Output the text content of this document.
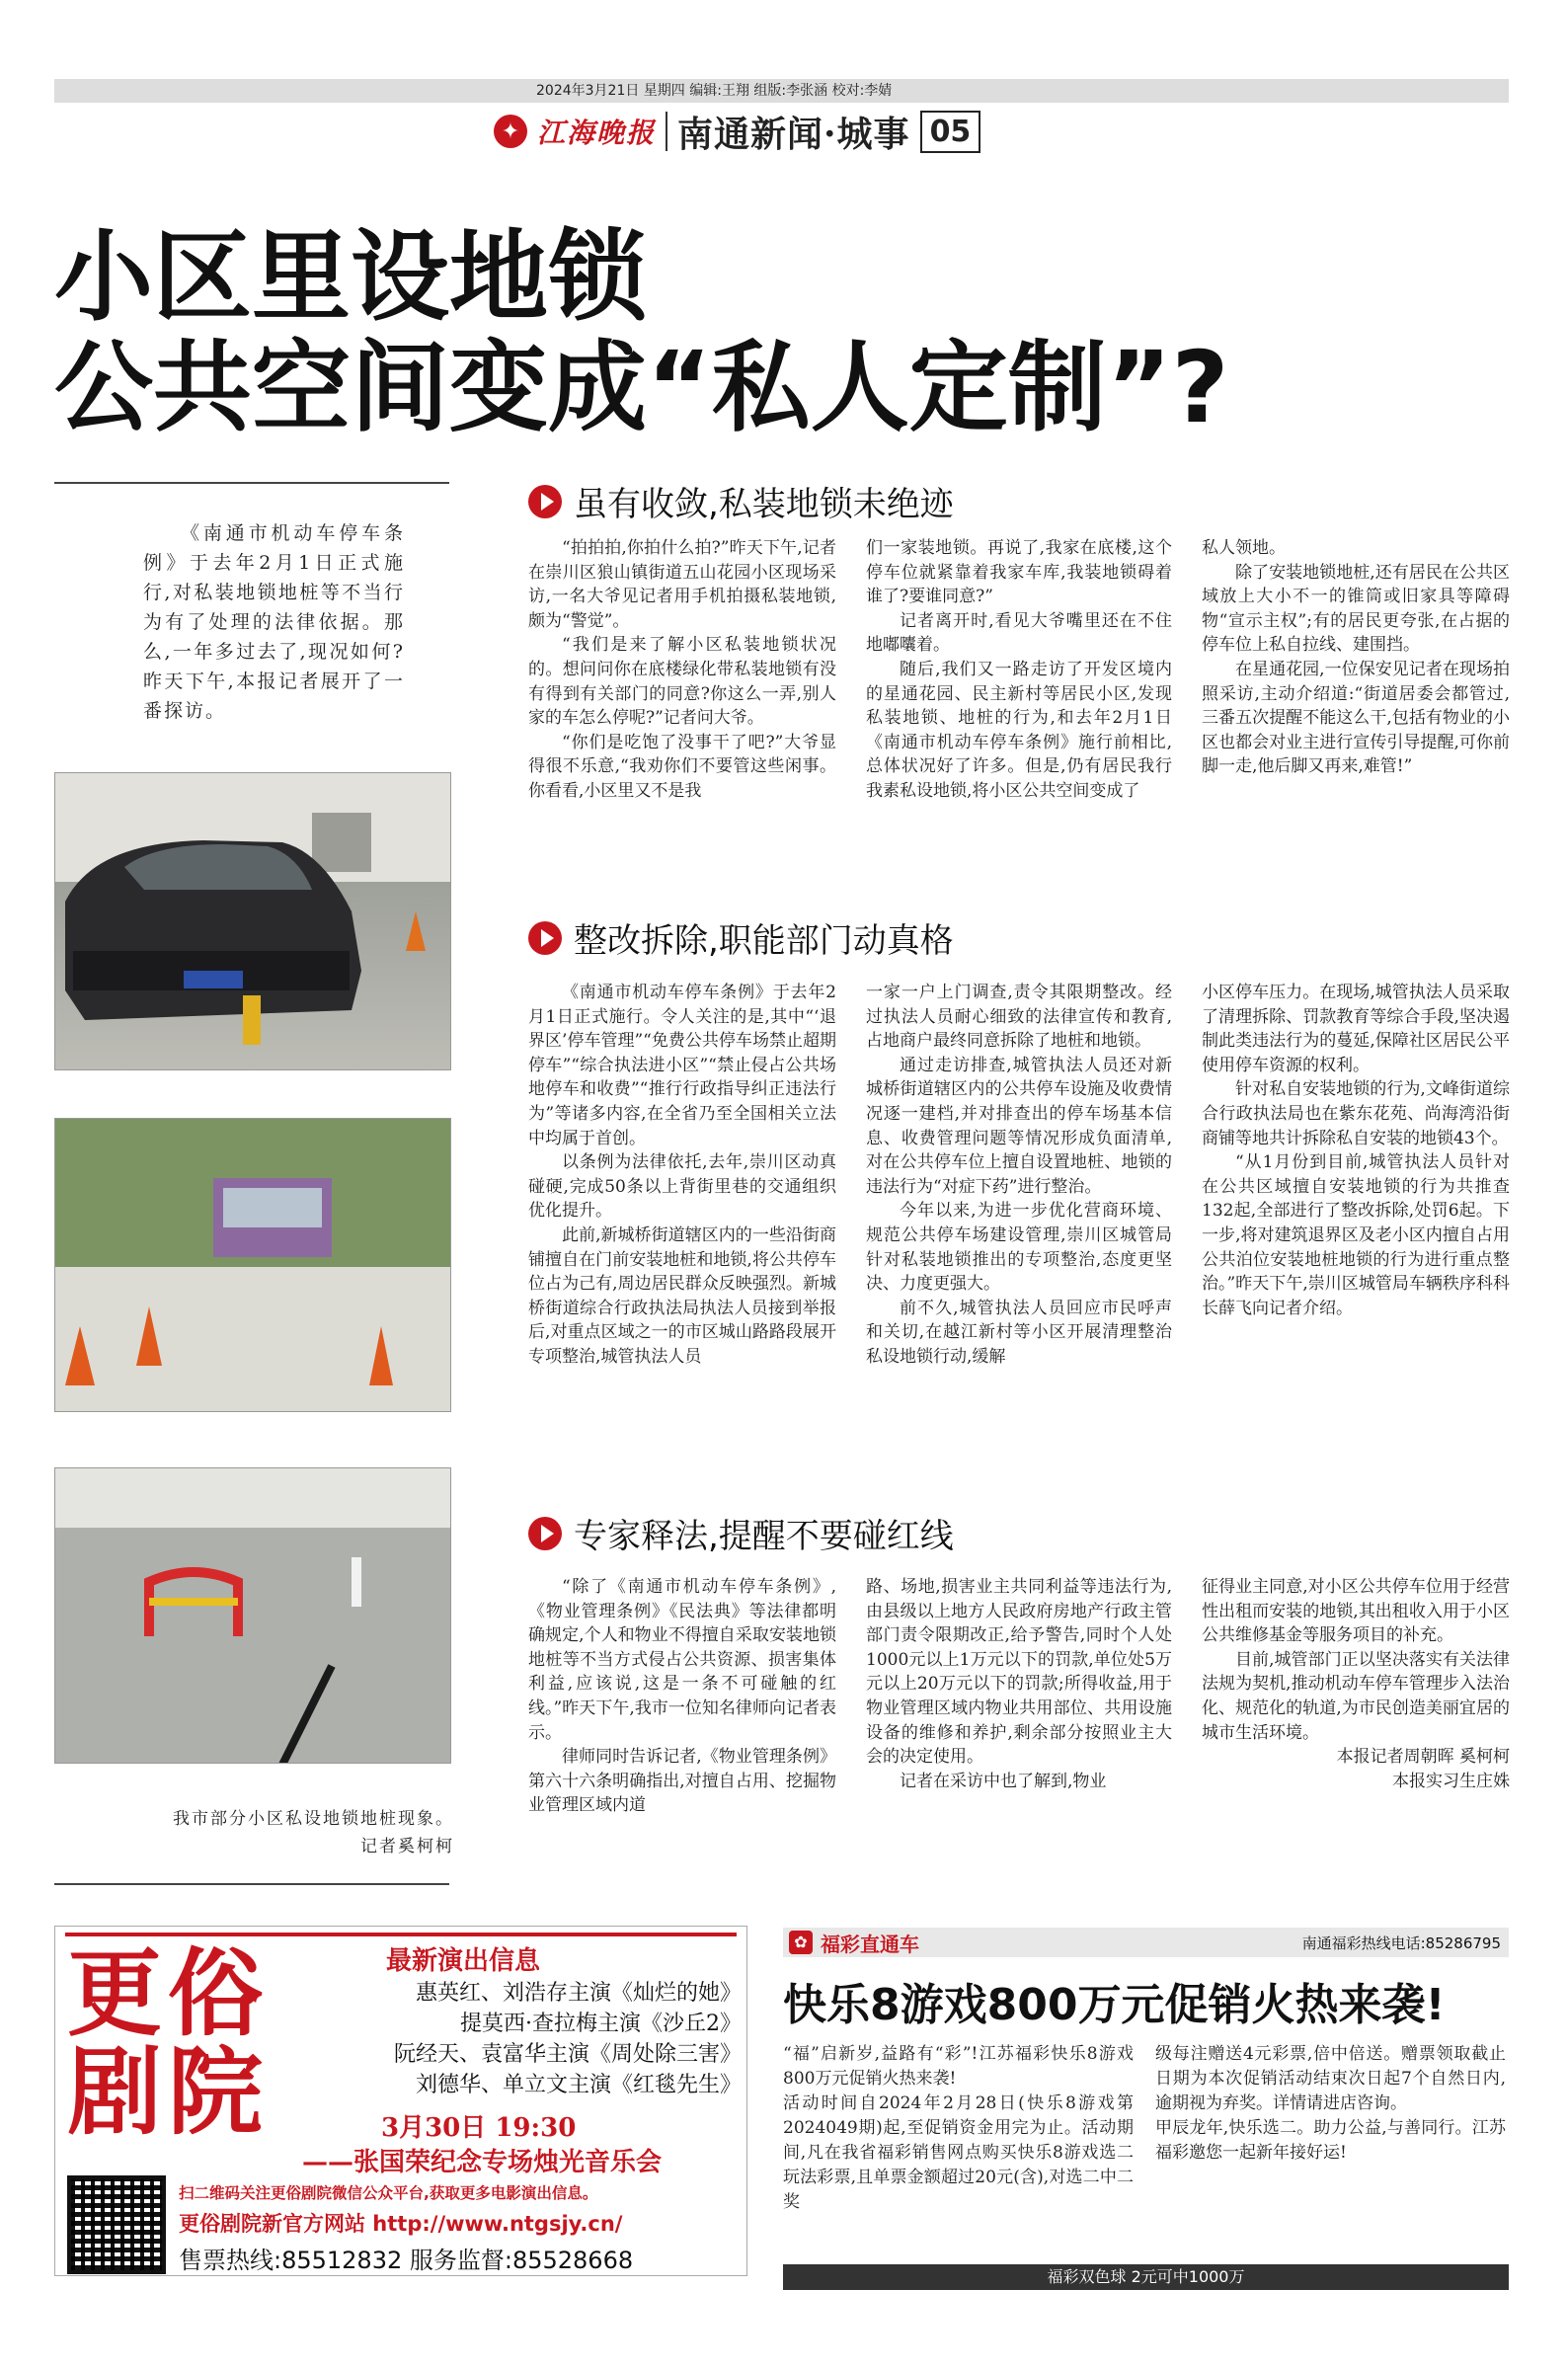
2024年3月21日 星期四 编辑:王翔 组版:李张涵 校对:李婧
✦ 江海晚报 南通新闻·城事 05
小区里设地锁
公共空间变成“私人定制”?
《南通市机动车停车条例》于去年2月1日正式施行,对私装地锁地桩等不当行为有了处理的法律依据。那么,一年多过去了,现况如何?昨天下午,本报记者展开了一番探访。
我市部分小区私设地锁地桩现象。
记者奚柯柯
虽有收敛,私装地锁未绝迹

“拍拍拍,你拍什么拍?”昨天下午,记者在崇川区狼山镇街道五山花园小区现场采访,一名大爷见记者用手机拍摄私装地锁,颇为“警觉”。

“我们是来了解小区私装地锁状况的。想问问你在底楼绿化带私装地锁有没有得到有关部门的同意?你这么一弄,别人家的车怎么停呢?”记者问大爷。

“你们是吃饱了没事干了吧?”大爷显得很不乐意,“我劝你们不要管这些闲事。你看看,小区里又不是我

们一家装地锁。再说了,我家在底楼,这个停车位就紧靠着我家车库,我装地锁碍着谁了?要谁同意?”

记者离开时,看见大爷嘴里还在不住地嘟囔着。

随后,我们又一路走访了开发区境内的星通花园、民主新村等居民小区,发现私装地锁、地桩的行为,和去年2月1日《南通市机动车停车条例》施行前相比,总体状况好了许多。但是,仍有居民我行我素私设地锁,将小区公共空间变成了

私人领地。

除了安装地锁地桩,还有居民在公共区域放上大小不一的锥筒或旧家具等障碍物“宣示主权”;有的居民更夸张,在占据的停车位上私自拉线、建围挡。

在星通花园,一位保安见记者在现场拍照采访,主动介绍道:“街道居委会都管过,三番五次提醒不能这么干,包括有物业的小区也都会对业主进行宣传引导提醒,可你前脚一走,他后脚又再来,难管!”

整改拆除,职能部门动真格

《南通市机动车停车条例》于去年2月1日正式施行。令人关注的是,其中“‘退界区’停车管理”“免费公共停车场禁止超期停车”“综合执法进小区”“禁止侵占公共场地停车和收费”“推行行政指导纠正违法行为”等诸多内容,在全省乃至全国相关立法中均属于首创。

以条例为法律依托,去年,崇川区动真碰硬,完成50条以上背街里巷的交通组织优化提升。

此前,新城桥街道辖区内的一些沿街商铺擅自在门前安装地桩和地锁,将公共停车位占为己有,周边居民群众反映强烈。新城桥街道综合行政执法局执法人员接到举报后,对重点区域之一的市区城山路路段展开专项整治,城管执法人员

一家一户上门调查,责令其限期整改。经过执法人员耐心细致的法律宣传和教育,占地商户最终同意拆除了地桩和地锁。

通过走访排查,城管执法人员还对新城桥街道辖区内的公共停车设施及收费情况逐一建档,并对排查出的停车场基本信息、收费管理问题等情况形成负面清单,对在公共停车位上擅自设置地桩、地锁的违法行为“对症下药”进行整治。

今年以来,为进一步优化营商环境、规范公共停车场建设管理,崇川区城管局针对私装地锁推出的专项整治,态度更坚决、力度更强大。

前不久,城管执法人员回应市民呼声和关切,在越江新村等小区开展清理整治私设地锁行动,缓解

小区停车压力。在现场,城管执法人员采取了清理拆除、罚款教育等综合手段,坚决遏制此类违法行为的蔓延,保障社区居民公平使用停车资源的权利。

针对私自安装地锁的行为,文峰街道综合行政执法局也在紫东花苑、尚海湾沿街商铺等地共计拆除私自安装的地锁43个。

“从1月份到目前,城管执法人员针对在公共区域擅自安装地锁的行为共推查132起,全部进行了整改拆除,处罚6起。下一步,将对建筑退界区及老小区内擅自占用公共泊位安装地桩地锁的行为进行重点整治。”昨天下午,崇川区城管局车辆秩序科科长薛飞向记者介绍。

专家释法,提醒不要碰红线

“除了《南通市机动车停车条例》,《物业管理条例》《民法典》等法律都明确规定,个人和物业不得擅自采取安装地锁地桩等不当方式侵占公共资源、损害集体利益,应该说,这是一条不可碰触的红线。”昨天下午,我市一位知名律师向记者表示。

律师同时告诉记者,《物业管理条例》第六十六条明确指出,对擅自占用、挖掘物业管理区域内道

路、场地,损害业主共同利益等违法行为,由县级以上地方人民政府房地产行政主管部门责令限期改正,给予警告,同时个人处1000元以上1万元以下的罚款,单位处5万元以上20万元以下的罚款;所得收益,用于物业管理区域内物业共用部位、共用设施设备的维修和养护,剩余部分按照业主大会的决定使用。

记者在采访中也了解到,物业

征得业主同意,对小区公共停车位用于经营性出租而安装的地锁,其出租收入用于小区公共维修基金等服务项目的补充。

目前,城管部门正以坚决落实有关法律法规为契机,推动机动车停车管理步入法治化、规范化的轨道,为市民创造美丽宜居的城市生活环境。

本报记者周朝晖 奚柯柯

本报实习生庄姝

更俗
剧院
最新演出信息
惠英红、刘浩存主演《灿烂的她》
提莫西·查拉梅主演《沙丘2》
阮经天、袁富华主演《周处除三害》
刘德华、单立文主演《红毯先生》
3月30日 19:30
——张国荣纪念专场烛光音乐会
扫二维码关注更俗剧院微信公众平台,获取更多电影演出信息。
更俗剧院新官方网站 http://www.ntgsjy.cn/
售票热线:85512832 服务监督:85528668
✿ 福彩直通车	南通福彩热线电话:85286795
快乐8游戏800万元促销火热来袭!
“福”启新岁,益路有“彩”!江苏福彩快乐8游戏800万元促销火热来袭!
活动时间自2024年2月28日(快乐8游戏第2024049期)起,至促销资金用完为止。活动期间,凡在我省福彩销售网点购买快乐8游戏选二玩法彩票,且单票金额超过20元(含),对选二中二奖
级每注赠送4元彩票,倍中倍送。赠票领取截止日期为本次促销活动结束次日起7个自然日内,逾期视为弃奖。详情请进店咨询。
甲辰龙年,快乐选二。助力公益,与善同行。江苏福彩邀您一起新年接好运!
福彩双色球 2元可中1000万
